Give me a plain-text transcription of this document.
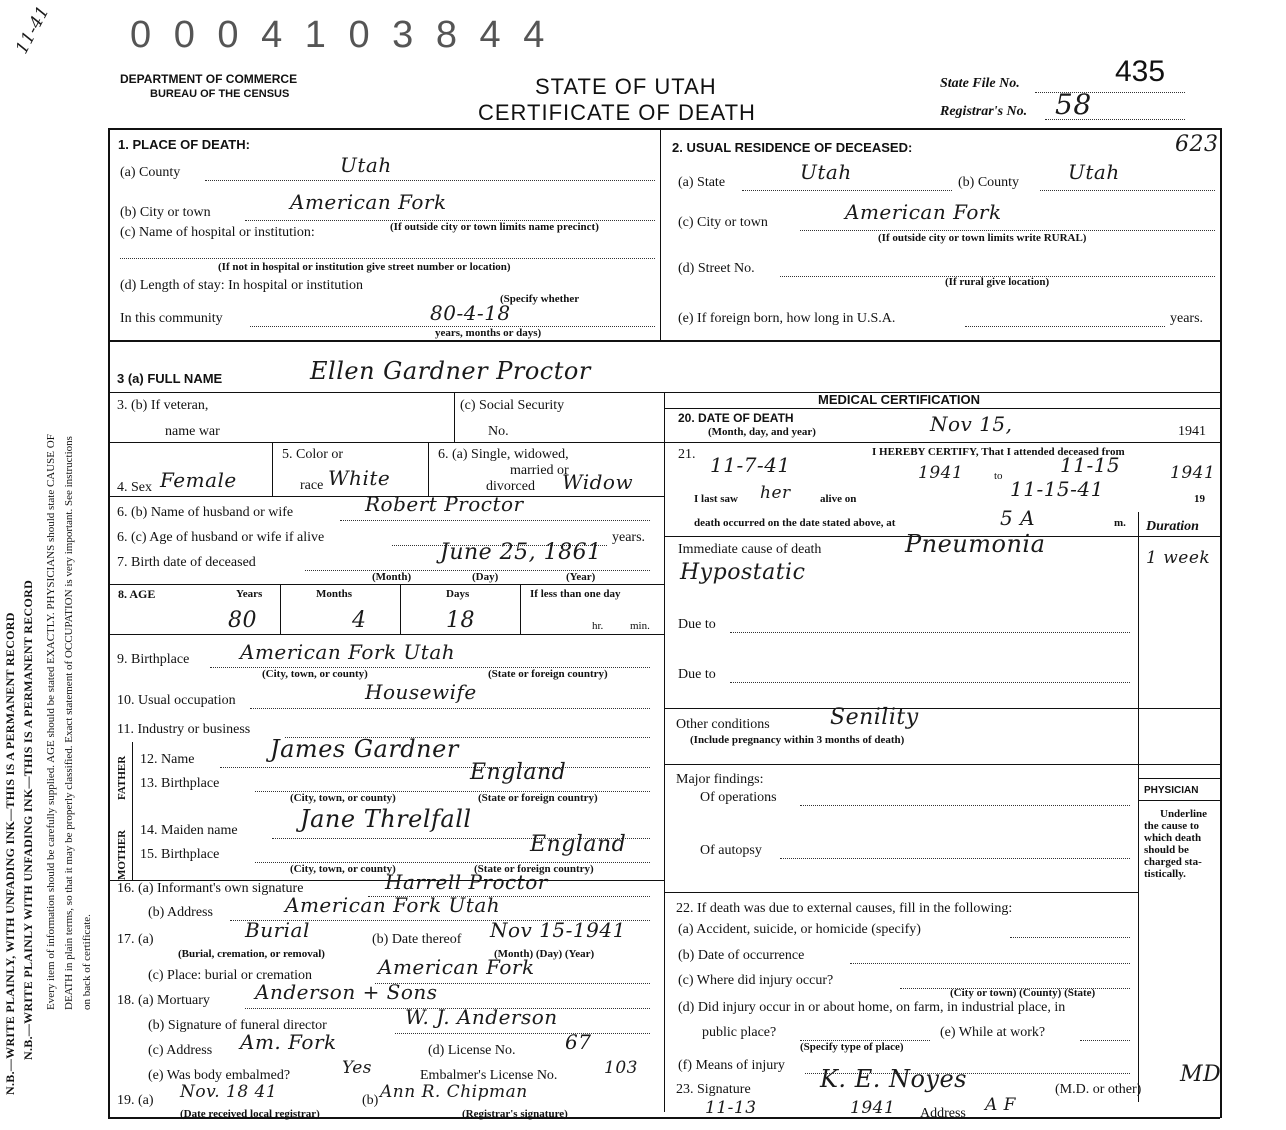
11-41 0 0 0 4 1 0 3 8 4 4
DEPARTMENT OF COMMERCE
BUREAU OF THE CENSUS	STATE OF UTAH
CERTIFICATE OF DEATH
State File No.	435
Registrar's No. 58
623
N.B.—WRITE PLAINLY, WITH UNFADING INK—THIS IS A PERMANENT RECORD N.B.—WRITE PLAINLY WITH UNFADING INK—THIS IS A PERMANENT RECORD Every item of information should be carefully supplied. AGE should be stated EXACTLY. PHYSICIANS should state CAUSE OF DEATH in plain terms, so that it may be properly classified. Exact statement of OCCUPATION is very important. See instructions on back of certificate.
1. PLACE OF DEATH:
(a) County	Utah
(b) City or town	American Fork
(c) Name of hospital or institution:	(If outside city or town limits name precinct)
(If not in hospital or institution give street number or location)
(d) Length of stay: In hospital or institution
(Specify whether
In this community	80-4-18
years, months or days)
2. USUAL RESIDENCE OF DECEASED:
(a) State	Utah	(b) County Utah
(c) City or town	American Fork
(If outside city or town limits write RURAL)
(d) Street No.
(If rural give location)
(e) If foreign born, how long in U.S.A.	years.
3 (a) FULL NAME	Ellen Gardner Proctor
3. (b) If veteran,
name war
(c) Social Security
No.
4. Sex Female
5. Color or
race White
6. (a) Single, widowed,
married or
divorced Widow
6. (b) Name of husband or wife	Robert Proctor
6. (c) Age of husband or wife if alive	years.
7. Birth date of deceased	June 25, 1861
(Month)	(Day)	(Year)
8. AGE	Years	Months	Days	If less than one day
80	4	18	hr. min.
9. Birthplace	American Fork Utah
(City, town, or county)	(State or foreign country)
10. Usual occupation	Housewife
11. Industry or business
FATHER
MOTHER
12. Name	James Gardner
13. Birthplace	England
(City, town, or county)	(State or foreign country)
14. Maiden name	Jane Threlfall
15. Birthplace	England
(City, town, or county)	(State or foreign country)
16. (a) Informant's own signature	Harrell Proctor
(b) Address	American Fork Utah
17. (a)	Burial
(Burial, cremation, or removal)
(b) Date thereof Nov 15-1941
(Month) (Day) (Year)
(c) Place: burial or cremation	American Fork
18. (a) Mortuary Anderson + Sons
(b) Signature of funeral director	W. J. Anderson
(c) Address Am. Fork	(d) License No. 67
(e) Was body embalmed?	Yes	Embalmer's License No.	103
19. (a) Nov. 18 41
(Date received local registrar)
(b) Ann R. Chipman
(Registrar's signature)
MEDICAL CERTIFICATION
20. DATE OF DEATH
(Month, day, and year)	Nov 15,	1941
21. 11-7-41
I HEREBY CERTIFY, That I attended deceased from
1941	to	11-15	1941
I last saw her	alive on	11-15-41	19
death occurred on the date stated above, at	5 A	m. Duration
Immediate cause of death	Pneumonia
Hypostatic
1 week
Due to
Due to
Other conditions	Senility
(Include pregnancy within 3 months of death)
Major findings:
Of operations
Of autopsy
PHYSICIAN
Underline
the cause to
which death
should be
charged sta-
tistically.
22. If death was due to external causes, fill in the following:
(a) Accident, suicide, or homicide (specify)
(b) Date of occurrence
(c) Where did injury occur?
(City or town) (County) (State)
(d) Did injury occur in or about home, on farm, in industrial place, in
public place?
(Specify type of place)
(e) While at work?
(f) Means of injury
23. Signature	K. E. Noyes	(M.D. or other)
MD
11-13	1941 Address A F
